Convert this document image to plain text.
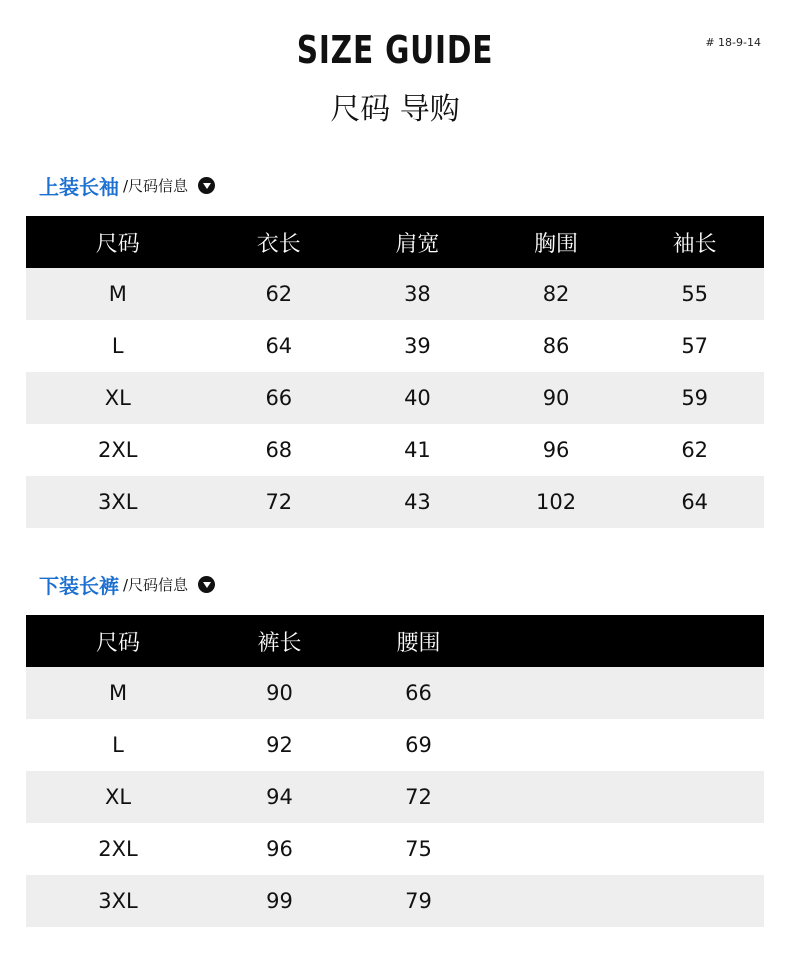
# 18-9-14
SIZE GUIDE
尺码 导购
上装长袖 /尺码信息
尺码	衣长	肩宽	胸围	袖长
M	62	38	82	55
L	64	39	86	57
XL	66	40	90	59
2XL	68	41	96	62
3XL	72	43	102	64
下装长裤 /尺码信息
尺码	裤长	腰围
M	90	66
L	92	69
XL	94	72
2XL	96	75
3XL	99	79
